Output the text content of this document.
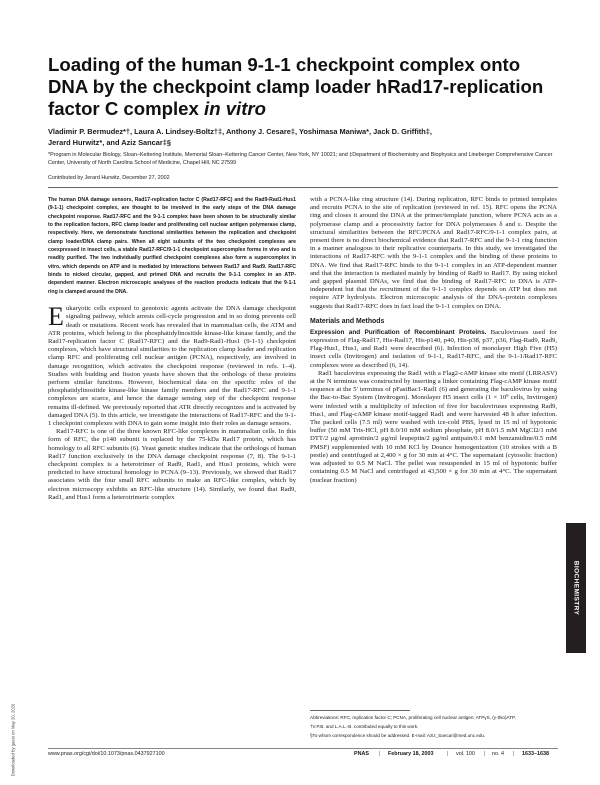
Loading of the human 9-1-1 checkpoint complex onto DNA by the checkpoint clamp loader hRad17-replication factor C complex in vitro
Vladimir P. Bermudez*†, Laura A. Lindsey-Boltz†‡, Anthony J. Cesare‡, Yoshimasa Maniwa*, Jack D. Griffith‡,
Jerard Hurwitz*, and Aziz Sancar‡§
*Program in Molecular Biology, Sloan–Kettering Institute, Memorial Sloan–Kettering Cancer Center, New York, NY 10021; and ‡Department of Biochemistry and Biophysics and Lineberger Comprehensive Cancer Center, University of North Carolina School of Medicine, Chapel Hill, NC 27599
Contributed by Jerard Hurwitz, December 27, 2002

The human DNA damage sensors, Rad17-replication factor C (Rad17-RFC) and the Rad9-Rad1-Hus1 (9-1-1) checkpoint complex, are thought to be involved in the early steps of the DNA damage checkpoint response. Rad17-RFC and the 9-1-1 complex have been shown to be structurally similar to the replication factors, RFC clamp loader and proliferating cell nuclear antigen polymerase clamp, respectively. Here, we demonstrate functional similarities between the replication and checkpoint clamp loader/DNA clamp pairs. When all eight subunits of the two checkpoint complexes are coexpressed in insect cells, a stable Rad17-RFC/9-1-1 checkpoint supercomplex forms in vivo and is readily purified. The two individually purified checkpoint complexes also form a supercomplex in vitro, which depends on ATP and is mediated by interactions between Rad17 and Rad9. Rad17-RFC binds to nicked circular, gapped, and primed DNA and recruits the 9-1-1 complex in an ATP-dependent manner. Electron microscopic analyses of the reaction products indicate that the 9-1-1 ring is clamped around the DNA.

Eukaryotic cells exposed to genotoxic agents activate the DNA damage checkpoint signaling pathway, which arrests cell-cycle progression and in so doing prevents cell death or mutations. Recent work has revealed that in mammalian cells, the ATM and ATR proteins, which belong to the phosphatidylinositide kinase-like kinase family, and the Rad17-replication factor C (Rad17-RFC) and the Rad9-Rad1-Hus1 (9-1-1) checkpoint complexes, which have structural similarities to the replication clamp loader and replication clamp RFC and proliferating cell nuclear antigen (PCNA), respectively, are involved in damage recognition, which activates the checkpoint response (reviewed in refs. 1–4). Studies with budding and fission yeasts have shown that the orthologs of these proteins perform similar functions. However, biochemical data on the specific roles of the phosphatidylinositide kinase-like kinase family members and the Rad17-RFC and 9-1-1 complexes are scarce, and hence the damage sensing step of the checkpoint response remains ill-defined. We previously reported that ATR directly recognizes and is activated by damaged DNA (5). In this article, we investigate the interactions of Rad17-RFC and the 9-1-1 checkpoint complexes with DNA to gain some insight into their roles as damage sensors.

Rad17-RFC is one of the three known RFC-like complexes in mammalian cells. In this form of RFC, the p140 subunit is replaced by the 75-kDa Rad17 protein, which has homology to all RFC subunits (6). Yeast genetic studies indicate that the orthologs of human Rad17 function exclusively in the DNA damage checkpoint response (7, 8). The 9-1-1 checkpoint complex is a heterotrimer of Rad9, Rad1, and Hus1 proteins, which were predicted to have structural homology to PCNA (9–13). Previously, we showed that Rad17 associates with the four small RFC subunits to make an RFC-like complex, which by electron microscopy exhibits an RFC-like structure (14). Similarly, we found that Rad9, Rad1, and Hus1 form a heterotrimeric complex

with a PCNA-like ring structure (14). During replication, RFC binds to primed templates and recruits PCNA to the site of replication (reviewed in ref. 15). RFC opens the PCNA ring and closes it around the DNA at the primer/template junction, where PCNA acts as a polymerase clamp and a processivity factor for DNA polymerases δ and ε. Despite the structural similarities between the RFC/PCNA and Rad17-RFC/9-1-1 complex pairs, at present there is no direct biochemical evidence that Rad17-RFC and the 9-1-1 ring function in a manner analogous to their replicative counterparts. In this study, we investigated the interactions of Rad17-RFC with the 9-1-1 complex and the binding of these proteins to DNA. We find that Rad17-RFC binds to the 9-1-1 complex in an ATP-dependent manner and that the interaction is mediated mainly by binding of Rad9 to Rad17. By using nicked and gapped plasmid DNAs, we find that the binding of Rad17-RFC to DNA is ATP-independent but that the recruitment of the 9-1-1 complex depends on ATP but does not require ATP hydrolysis. Electron microscopic analysis of the DNA–protein complexes suggests that Rad17-RFC does in fact load the 9-1-1 complex on DNA.

Materials and Methods

Expression and Purification of Recombinant Proteins. Baculoviruses used for expression of Flag-Rad17, His-Rad17, His-p140, p40, His-p38, p37, p36, Flag-Rad9, Rad9, Flag-Hus1, Hus1, and Rad1 were described (6). Infection of monolayer High Five (H5) insect cells (Invitrogen) and isolation of 9-1-1, Rad17-RFC, and the 9-1-1/Rad17-RFC complexes were as described (6, 14).

Rad1 baculovirus expressing the Rad1 with a Flag2-cAMP kinase site motif (LRRASV) at the N terminus was constructed by inserting a linker containing Flag-cAMP kinase motif sequence at the 5′ terminus of pFastBac1-Rad1 (6) and generating the baculovirus by using the Bac-to-Bac System (Invitrogen). Monolayer H5 insect cells (1 × 10⁹ cells, Invitrogen) were infected with a multiplicity of infection of five for baculoviruses expressing Rad9, Hus1, and Flag-cAMP kinase motif-tagged Rad1 and were harvested 48 h after infection. The packed cells (7.5 ml) were washed with ice-cold PBS, lysed in 15 ml of hypotonic buffer (50 mM Tris-HCl, pH 8.0/10 mM sodium phosphate, pH 8.0/1.5 mM MgCl2/1 mM DTT/2 μg/ml aprotinin/2 μg/ml leupeptin/2 μg/ml antipain/0.1 mM benzamidine/0.5 mM PMSF) supplemented with 10 mM KCl by Dounce homogenization (10 strokes with a B pestle) and centrifuged at 2,400 × g for 30 min at 4°C. The supernatant (cytosolic fraction) was adjusted to 0.5 M NaCl. The pellet was resuspended in 15 ml of hypotonic buffer containing 0.5 M NaCl and centrifuged at 43,500 × g for 30 min at 4°C. The supernatant (nuclear fraction)

Abbreviations: RFC, replication factor C; PCNA, proliferating cell nuclear antigen; ATPγS, (γ-thio)ATP.

†V.P.B. and L.A.L.-B. contributed equally to this work.

§To whom correspondence should be addressed. E-mail: Aziz_Sancar@med.unc.edu.

BIOCHEMISTRY
Downloaded by guest on May 20, 2020	www.pnas.org/cgi/doi/10.1073/pnas.0437927100	PNAS | February 18, 2003 | vol. 100 | no. 4 | 1633–1638
